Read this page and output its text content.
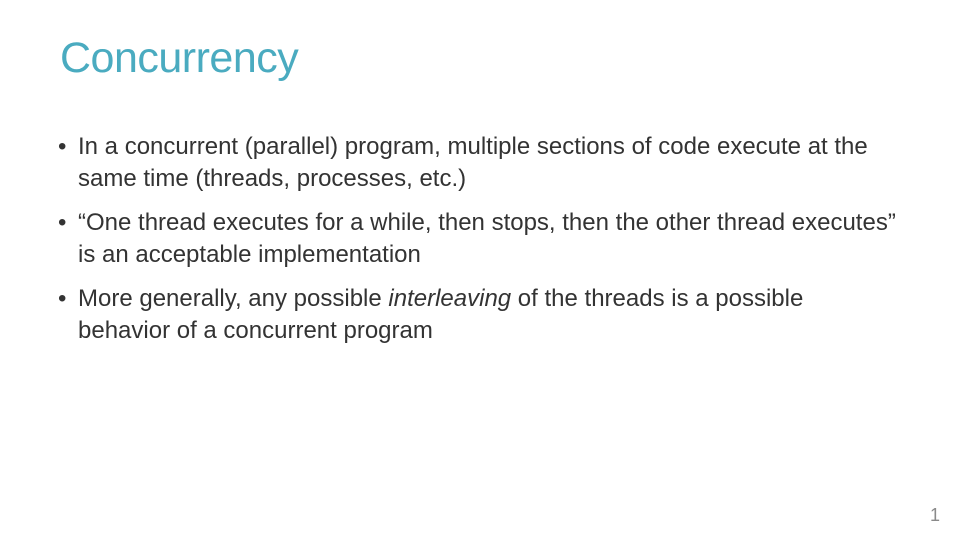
Concurrency
• In a concurrent (parallel) program, multiple sections of code execute at the same time (threads, processes, etc.)
• “One thread executes for a while, then stops, then the other thread executes” is an acceptable implementation
• More generally, any possible interleaving of the threads is a possible behavior of a concurrent program
1
